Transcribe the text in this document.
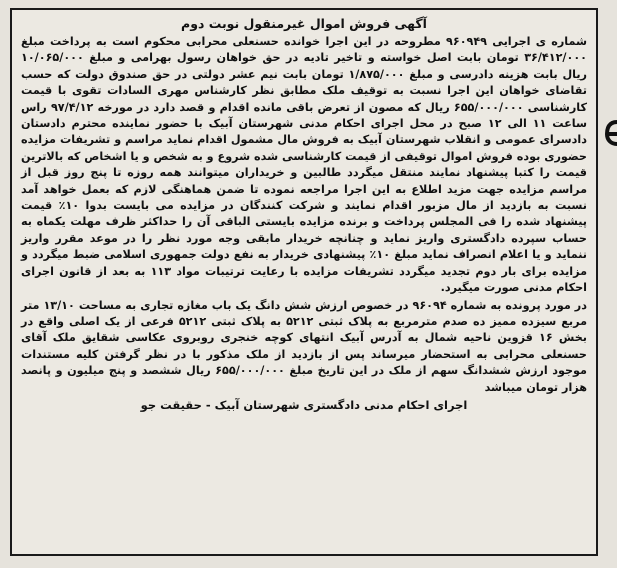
آگهی فروش اموال غیرمنقول نوبت دوم

شماره ی اجرایی ۹۶۰۹۴۹ مطروحه در این اجرا خوانده حسنعلی محرابی محکوم است به پرداخت مبلغ ۳۶/۴۱۲/۰۰۰ تومان بابت اصل خواسته و تاخیر تادیه در حق خواهان رسول بهرامی و مبلغ ۱۰/۰۶۵/۰۰۰ ریال بابت هزینه دادرسی و مبلغ ۱/۸۷۵/۰۰۰ تومان بابت نیم عشر دولتی در حق صندوق دولت که حسب تقاضای خواهان این اجرا نسبت به توقیف ملک مطابق نظر کارشناس مهری السادات تقوی با قیمت کارشناسی ۶۵۵/۰۰۰/۰۰۰ ریال که مصون از تعرض باقی مانده اقدام و قصد دارد در مورخه ۹۷/۴/۱۲ راس ساعت ۱۱ الی ۱۲ صبح در محل اجرای احکام مدنی شهرستان آبیک با حضور نماینده محترم دادستان دادسرای عمومی و انقلاب شهرستان آبیک به فروش مال مشمول اقدام نماید مراسم و تشریفات مزایده حضوری بوده فروش اموال توقیفی از قیمت کارشناسی شده شروع و به شخص و یا اشخاص که بالاترین قیمت را کتبا پیشنهاد نمایند منتقل میگردد طالبین و خریداران میتوانند همه روزه تا پنج روز قبل از مراسم مزایده جهت مزید اطلاع به این اجرا مراجعه نموده تا ضمن هماهنگی لازم که بعمل خواهد آمد نسبت به بازدید از مال مزبور اقدام نمایند و شرکت کنندگان در مزایده می بایست بدوا ۱۰٪ قیمت پیشنهاد شده را فی المجلس پرداخت و برنده مزایده بایستی الباقی آن را حداکثر ظرف مهلت یکماه به حساب سپرده دادگستری واریز نماید و چنانچه خریدار مابقی وجه مورد نظر را در موعد مقرر واریز ننماید و یا اعلام انصراف نماید مبلغ ۱۰٪ پیشنهادی خریدار به نفع دولت جمهوری اسلامی ضبط میگردد و مزایده برای بار دوم تجدید میگردد تشریفات مزایده با رعایت ترتیبات مواد ۱۱۳ به بعد از قانون اجرای احکام مدنی صورت میگیرد.

در مورد پرونده به شماره ۹۶۰۹۴ در خصوص ارزش شش دانگ یک باب مغازه تجاری به مساحت ۱۳/۱۰ متر مربع سیزده ممیز ده صدم مترمربع به پلاک ثبتی ۵۲۱۲ به پلاک ثبتی ۵۲۱۲ فرعی از یک اصلی واقع در بخش ۱۶ قزوین ناحیه شمال به آدرس آبیک انتهای کوچه خنجری روبروی عکاسی شقایق ملک آقای حسنعلی محرابی به استحضار میرساند پس از بازدید از ملک مذکور با در نظر گرفتن کلیه مستندات موجود ارزش ششدانگ سهم از ملک در این تاریخ مبلغ ۶۵۵/۰۰۰/۰۰۰ ریال ششصد و پنج میلیون و پانصد هزار تومان میباشد

اجرای احکام مدنی دادگستری شهرستان آبیک - حقیقت جو
